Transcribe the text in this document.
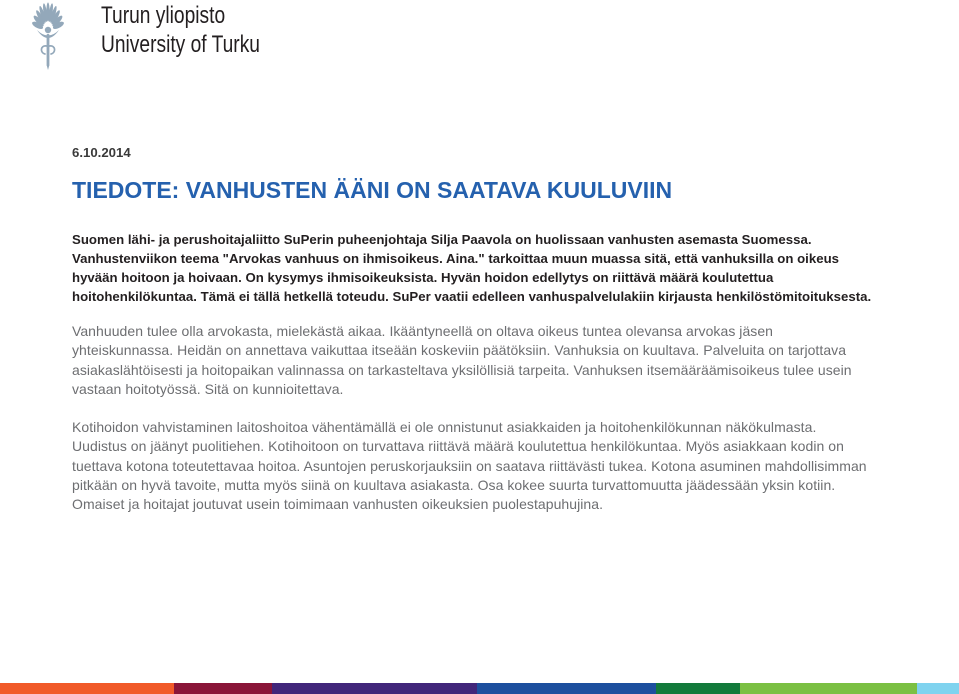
Turun yliopisto
University of Turku
6.10.2014
TIEDOTE: VANHUSTEN ÄÄNI ON SAATAVA KUULUVIIN
Suomen lähi- ja perushoitajaliitto SuPerin puheenjohtaja Silja Paavola on huolissaan vanhusten asemasta Suomessa.
Vanhustenviikon teema "Arvokas vanhuus on ihmisoikeus. Aina." tarkoittaa muun muassa sitä, että vanhuksilla on oikeus
hyvään hoitoon ja hoivaan. On kysymys ihmisoikeuksista. Hyvän hoidon edellytys on riittävä määrä koulutettua
hoitohenkilökuntaa. Tämä ei tällä hetkellä toteudu. SuPer vaatii edelleen vanhuspalvelulakiin kirjausta henkilöstömitoituksesta.
Vanhuuden tulee olla arvokasta, mielekästä aikaa. Ikääntyneellä on oltava oikeus tuntea olevansa arvokas jäsen
yhteiskunnassa. Heidän on annettava vaikuttaa itseään koskeviin päätöksiin. Vanhuksia on kuultava. Palveluita on tarjottava
asiakaslähtöisesti ja hoitopaikan valinnassa on tarkasteltava yksilöllisiä tarpeita. Vanhuksen itsemääräämisoikeus tulee usein
vastaan hoitotyössä. Sitä on kunnioitettava.
Kotihoidon vahvistaminen laitoshoitoa vähentämällä ei ole onnistunut asiakkaiden ja hoitohenkilökunnan näkökulmasta.
Uudistus on jäänyt puolitiehen. Kotihoitoon on turvattava riittävä määrä koulutettua henkilökuntaa. Myös asiakkaan kodin on
tuettava kotona toteutettavaa hoitoa. Asuntojen peruskorjauksiin on saatava riittävästi tukea. Kotona asuminen mahdollisimman
pitkään on hyvä tavoite, mutta myös siinä on kuultava asiakasta. Osa kokee suurta turvattomuutta jäädessään yksin kotiin.
Omaiset ja hoitajat joutuvat usein toimimaan vanhusten oikeuksien puolestapuhujina.
